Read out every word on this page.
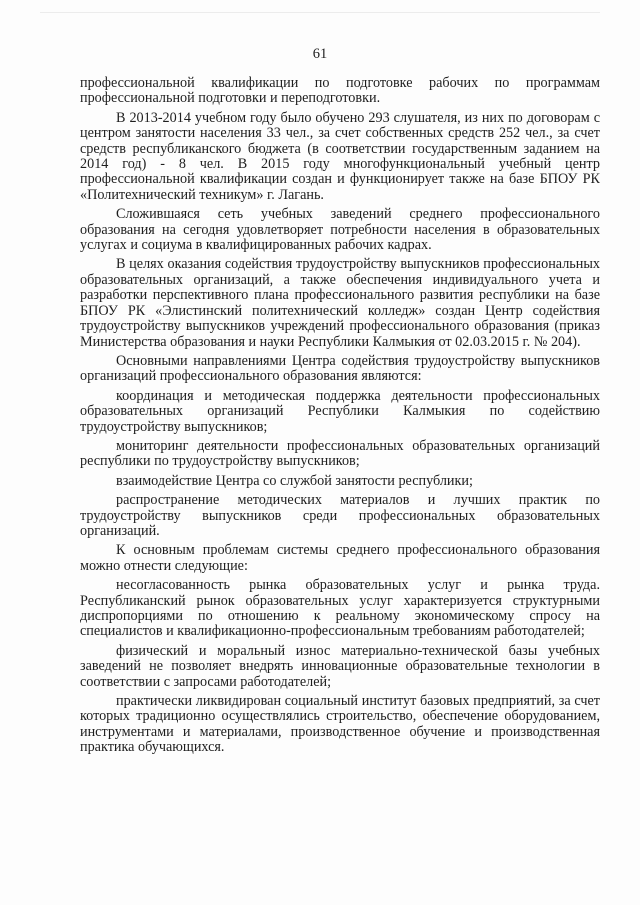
61

профессиональной квалификации по подготовке рабочих по программам профессиональной подготовки и переподготовки.

В 2013-2014 учебном году было обучено 293 слушателя, из них по договорам с центром занятости населения 33 чел., за счет собственных средств 252 чел., за счет средств республиканского бюджета (в соответствии государственным заданием на 2014 год) - 8 чел. В 2015 году многофункциональный учебный центр профессиональной квалификации создан и функционирует также на базе БПОУ РК «Политехнический техникум» г. Лагань.

Сложившаяся сеть учебных заведений среднего профессионального образования на сегодня удовлетворяет потребности населения в образовательных услугах и социума в квалифицированных рабочих кадрах.

В целях оказания содействия трудоустройству выпускников профессиональных образовательных организаций, а также обеспечения индивидуального учета и разработки перспективного плана профессионального развития республики на базе БПОУ РК «Элистинский политехнический колледж» создан Центр содействия трудоустройству выпускников учреждений профессионального образования (приказ Министерства образования и науки Республики Калмыкия от 02.03.2015 г. № 204).

Основными направлениями Центра содействия трудоустройству выпускников организаций профессионального образования являются:

координация и методическая поддержка деятельности профессиональных образовательных организаций Республики Калмыкия по содействию трудоустройству выпускников;

мониторинг деятельности профессиональных образовательных организаций республики по трудоустройству выпускников;

взаимодействие Центра со службой занятости республики;

распространение методических материалов и лучших практик по трудоустройству выпускников среди профессиональных образовательных организаций.

К основным проблемам системы среднего профессионального образования можно отнести следующие:

несогласованность рынка образовательных услуг и рынка труда. Республиканский рынок образовательных услуг характеризуется структурными диспропорциями по отношению к реальному экономическому спросу на специалистов и квалификационно-профессиональным требованиям работодателей;

физический и моральный износ материально-технической базы учебных заведений не позволяет внедрять инновационные образовательные технологии в соответствии с запросами работодателей;

практически ликвидирован социальный институт базовых предприятий, за счет которых традиционно осуществлялись строительство, обеспечение оборудованием, инструментами и материалами, производственное обучение и производственная практика обучающихся.
